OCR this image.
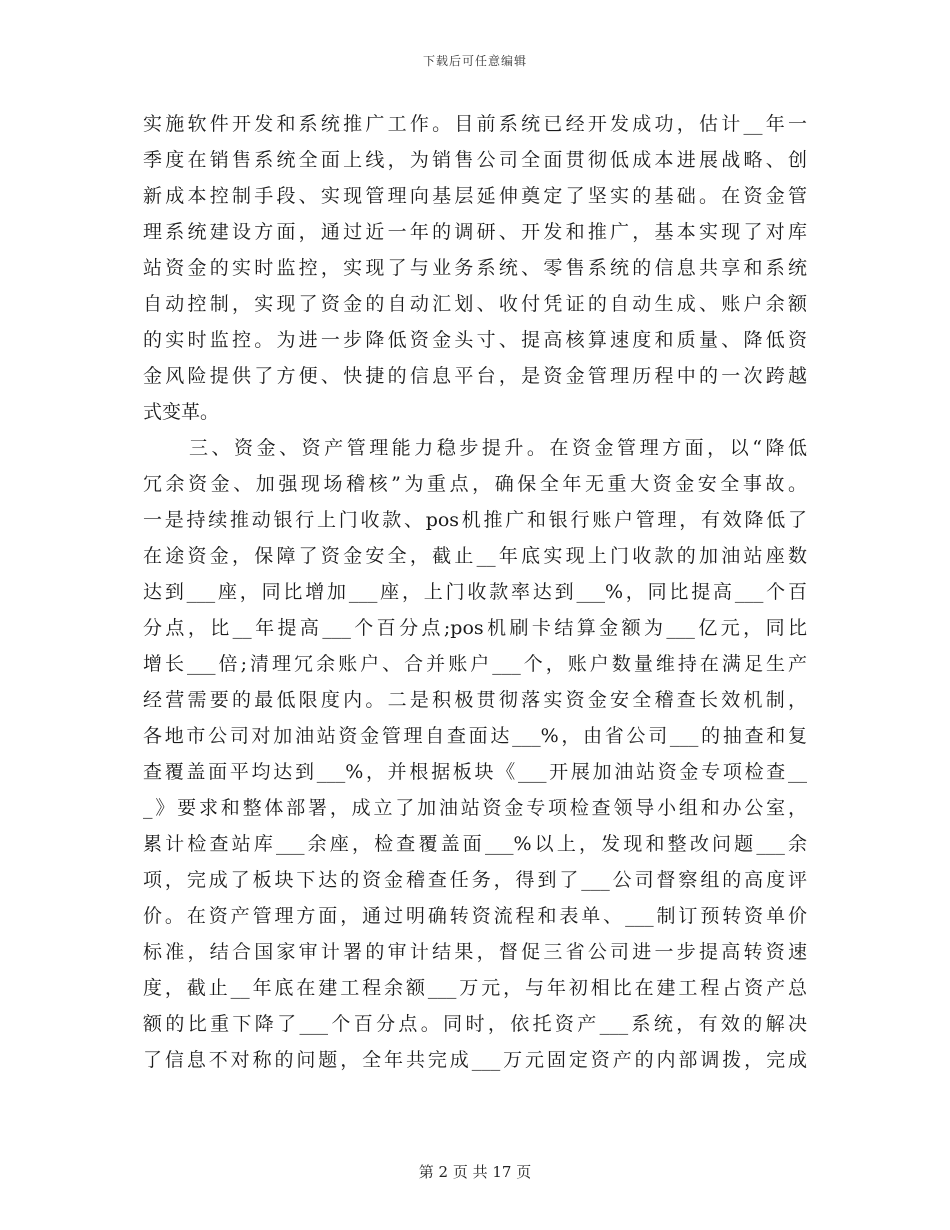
下载后可任意编辑
实施软件开发和系统推广工作。目前系统已经开发成功，估计__年一
季度在销售系统全面上线，为销售公司全面贯彻低成本进展战略、创
新成本控制手段、实现管理向基层延伸奠定了坚实的基础。在资金管
理系统建设方面，通过近一年的调研、开发和推广，基本实现了对库
站资金的实时监控，实现了与业务系统、零售系统的信息共享和系统
自动控制，实现了资金的自动汇划、收付凭证的自动生成、账户余额
的实时监控。为进一步降低资金头寸、提高核算速度和质量、降低资
金风险提供了方便、快捷的信息平台，是资金管理历程中的一次跨越
式变革。
三、资金、资产管理能力稳步提升。在资金管理方面，以“降低
冗余资金、加强现场稽核”为重点，确保全年无重大资金安全事故。
一是持续推动银行上门收款、pos机推广和银行账户管理，有效降低了
在途资金，保障了资金安全，截止__年底实现上门收款的加油站座数
达到___座，同比增加___座，上门收款率达到___%，同比提高___个百
分点，比__年提高___个百分点;pos机刷卡结算金额为___亿元，同比
增长___倍;清理冗余账户、合并账户___个，账户数量维持在满足生产
经营需要的最低限度内。二是积极贯彻落实资金安全稽查长效机制，
各地市公司对加油站资金管理自查面达___%，由省公司___的抽查和复
查覆盖面平均达到___%，并根据板块《___开展加油站资金专项检查__
_》要求和整体部署，成立了加油站资金专项检查领导小组和办公室，
累计检查站库___余座，检查覆盖面___%以上，发现和整改问题___余
项，完成了板块下达的资金稽查任务，得到了___公司督察组的高度评
价。在资产管理方面，通过明确转资流程和表单、___制订预转资单价
标准，结合国家审计署的审计结果，督促三省公司进一步提高转资速
度，截止__年底在建工程余额___万元，与年初相比在建工程占资产总
额的比重下降了___个百分点。同时，依托资产___系统，有效的解决
了信息不对称的问题，全年共完成___万元固定资产的内部调拨，完成
第 2 页 共 17 页
